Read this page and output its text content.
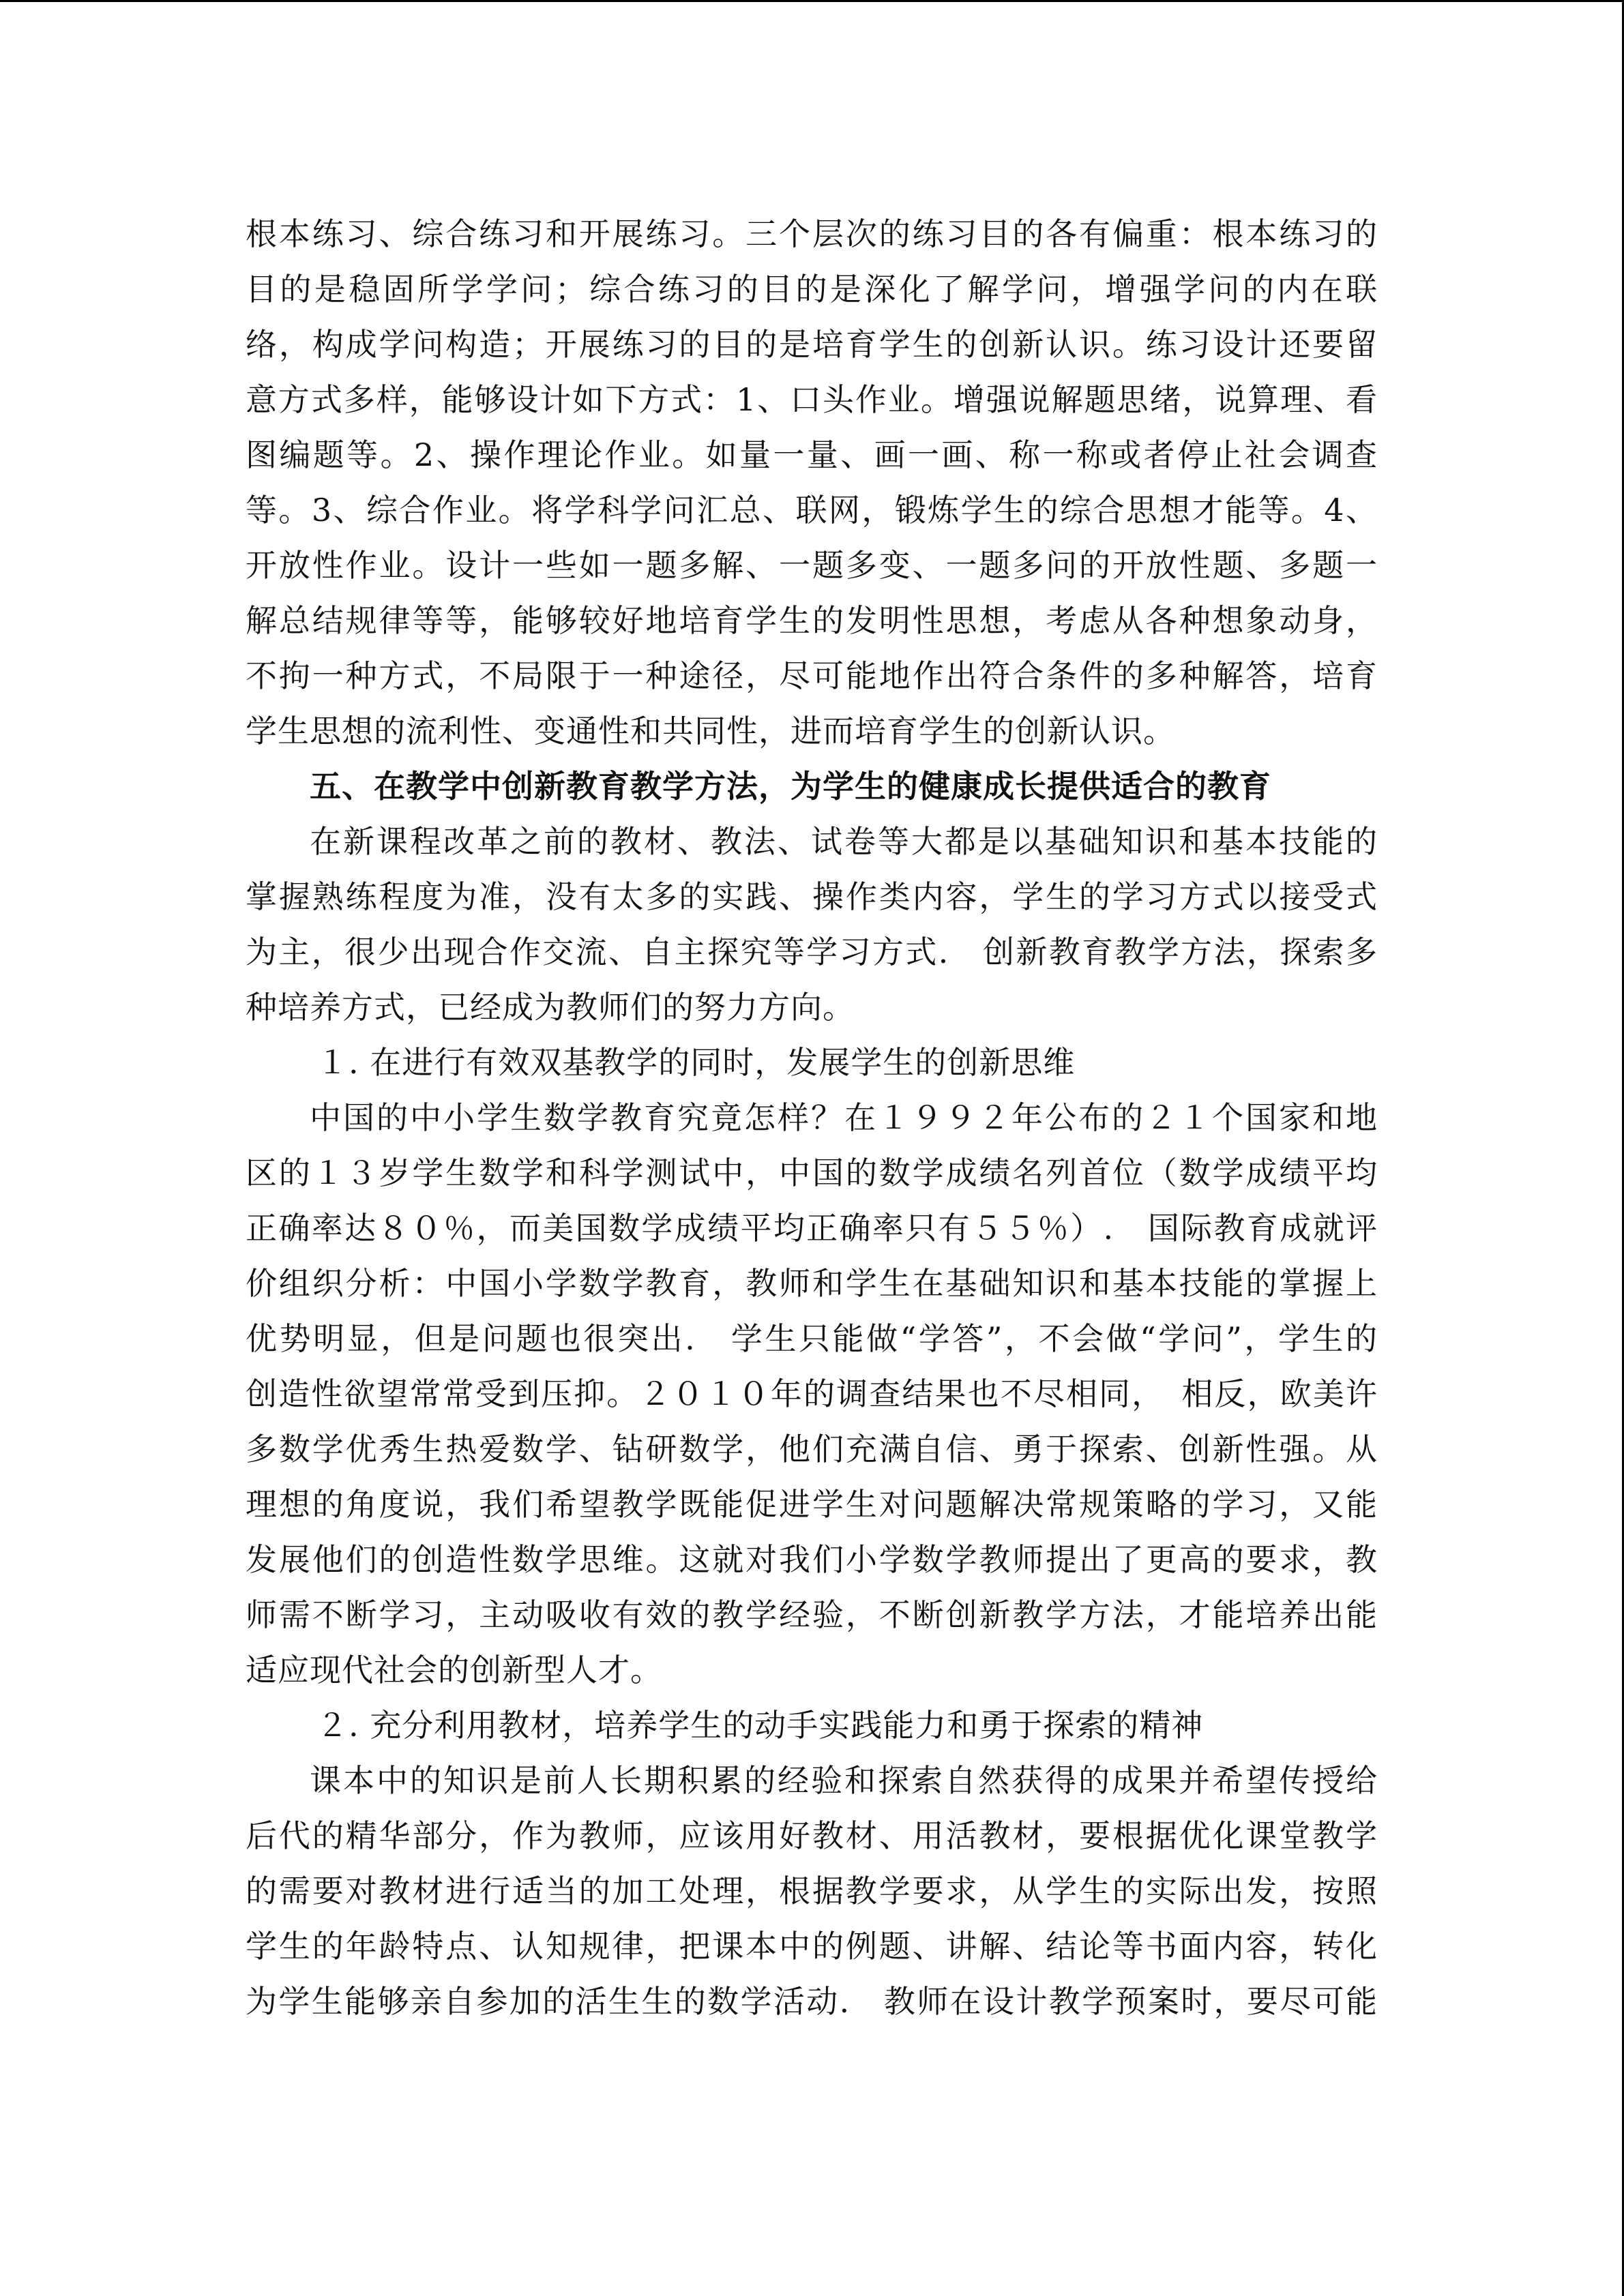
根本练习、综合练习和开展练习。三个层次的练习目的各有偏重：根本练习的
目的是稳固所学学问；综合练习的目的是深化了解学问，增强学问的内在联
络，构成学问构造；开展练习的目的是培育学生的创新认识。练习设计还要留
意方式多样，能够设计如下方式：1、口头作业。增强说解题思绪，说算理、看
图编题等。2、操作理论作业。如量一量、画一画、称一称或者停止社会调查
等。3、综合作业。将学科学问汇总、联网，锻炼学生的综合思想才能等。4、
开放性作业。设计一些如一题多解、一题多变、一题多问的开放性题、多题一
解总结规律等等，能够较好地培育学生的发明性思想，考虑从各种想象动身，
不拘一种方式，不局限于一种途径，尽可能地作出符合条件的多种解答，培育
学生思想的流利性、变通性和共同性，进而培育学生的创新认识。
五、在教学中创新教育教学方法，为学生的健康成长提供适合的教育
在新课程改革之前的教材、教法、试卷等大都是以基础知识和基本技能的
掌握熟练程度为准，没有太多的实践、操作类内容，学生的学习方式以接受式
为主，很少出现合作交流、自主探究等学习方式.　创新教育教学方法，探索多
种培养方式，已经成为教师们的努力方向。
１. 在进行有效双基教学的同时，发展学生的创新思维
中国的中小学生数学教育究竟怎样？在１９９２年公布的２１个国家和地
区的１３岁学生数学和科学测试中，中国的数学成绩名列首位（数学成绩平均
正确率达８０％，而美国数学成绩平均正确率只有５５％）.　国际教育成就评
价组织分析：中国小学数学教育，教师和学生在基础知识和基本技能的掌握上
优势明显，但是问题也很突出.　学生只能做“学答”，不会做“学问”，学生的
创造性欲望常常受到压抑。２０１０年的调查结果也不尽相同，　相反，欧美许
多数学优秀生热爱数学、钻研数学，他们充满自信、勇于探索、创新性强。从
理想的角度说，我们希望教学既能促进学生对问题解决常规策略的学习，又能
发展他们的创造性数学思维。这就对我们小学数学教师提出了更高的要求，教
师需不断学习，主动吸收有效的教学经验，不断创新教学方法，才能培养出能
适应现代社会的创新型人才。
２. 充分利用教材，培养学生的动手实践能力和勇于探索的精神
课本中的知识是前人长期积累的经验和探索自然获得的成果并希望传授给
后代的精华部分，作为教师，应该用好教材、用活教材，要根据优化课堂教学
的需要对教材进行适当的加工处理，根据教学要求，从学生的实际出发，按照
学生的年龄特点、认知规律，把课本中的例题、讲解、结论等书面内容，转化
为学生能够亲自参加的活生生的数学活动.　教师在设计教学预案时，要尽可能
